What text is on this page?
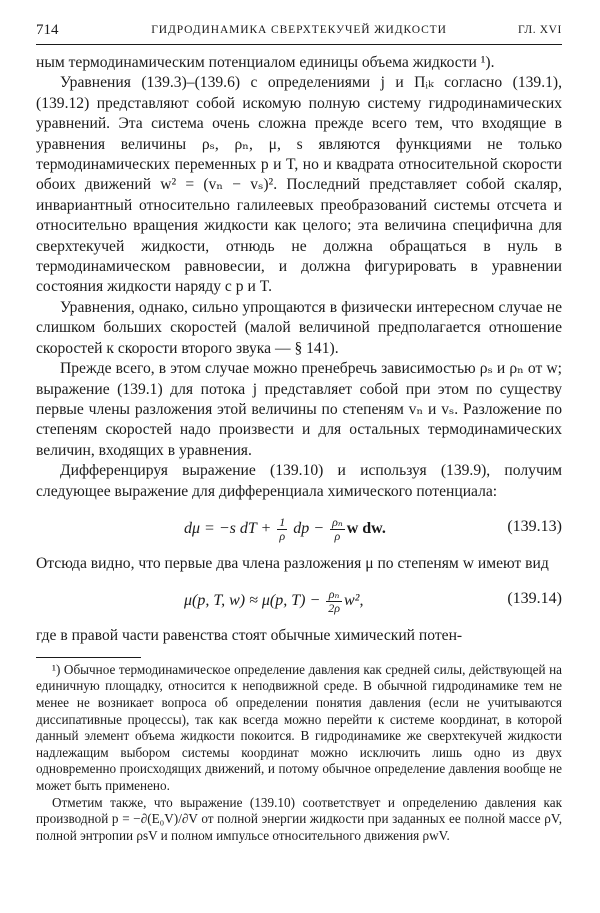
714	ГИДРОДИНАМИКА СВЕРХТЕКУЧЕЙ ЖИДКОСТИ	ГЛ. XVI

ным термодинамическим потенциалом единицы объема жидкости ¹).

Уравнения (139.3)–(139.6) с определениями j и Πᵢₖ согласно (139.1), (139.12) представляют собой искомую полную систему гидродинамических уравнений. Эта система очень сложна прежде всего тем, что входящие в уравнения величины ρₛ, ρₙ, μ, s являются функциями не только термодинамических переменных p и T, но и квадрата относительной скорости обоих движений w² = (vₙ − vₛ)². Последний представляет собой скаляр, инвариантный относительно галилеевых преобразований системы отсчета и относительно вращения жидкости как целого; эта величина специфична для сверхтекучей жидкости, отнюдь не должна обращаться в нуль в термодинамическом равновесии, и должна фигурировать в уравнении состояния жидкости наряду с p и T.

Уравнения, однако, сильно упрощаются в физически интересном случае не слишком больших скоростей (малой величиной предполагается отношение скоростей к скорости второго звука — § 141).

Прежде всего, в этом случае можно пренебречь зависимостью ρₛ и ρₙ от w; выражение (139.1) для потока j представляет собой при этом по существу первые члены разложения этой величины по степеням vₙ и vₛ. Разложение по степеням скоростей надо произвести и для остальных термодинамических величин, входящих в уравнения.

Дифференцируя выражение (139.10) и используя (139.9), получим следующее выражение для дифференциала химического потенциала:

dμ = −s dT + $\frac{1}{\rho}$ dp − $\frac{\text{ρₙ}}{\rho}$ w dw.	(139.13)

Отсюда видно, что первые два члена разложения μ по степеням w имеют вид

μ(p, T, w) ≈ μ(p, $T) - \frac{\text{ρₙ}}{2\rho} w^2$,	(139.14)

где в правой части равенства стоят обычные химический потен-

¹) Обычное термодинамическое определение давления как средней силы, действующей на единичную площадку, относится к неподвижной среде. В обычной гидродинамике тем не менее не возникает вопроса об определении понятия давления (если не учитываются диссипативные процессы), так как всегда можно перейти к системе координат, в которой данный элемент объема жидкости покоится. В гидродинамике же сверхтекучей жидкости надлежащим выбором системы координат можно исключить лишь одно из двух одновременно происходящих движений, и потому обычное определение давления вообще не может быть применено.

Отметим также, что выражение (139.10) соответствует и определению давления как производной p = −∂(E₀V)/∂V от полной энергии жидкости при заданных ее полной массе ρV, полной энтропии ρsV и полном импульсе относительного движения ρwV.
